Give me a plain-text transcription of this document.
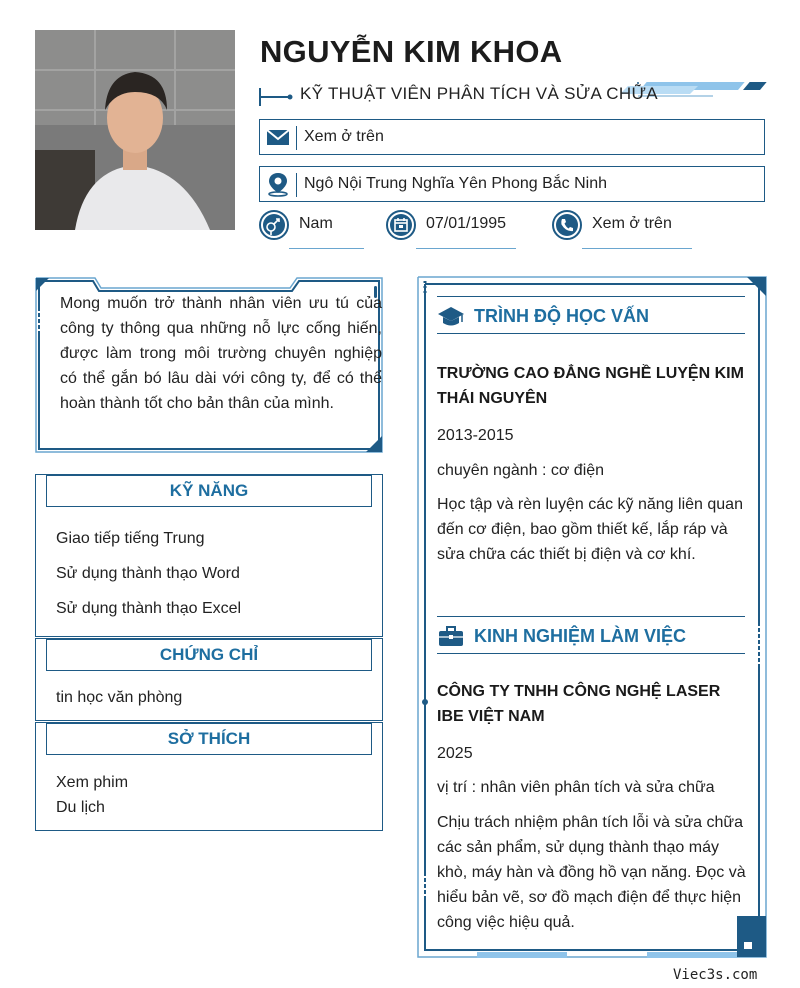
NGUYỄN KIM KHOA
KỸ THUẬT VIÊN PHÂN TÍCH VÀ SỬA CHỮA
Xem ở trên
Ngô Nội Trung Nghĩa Yên Phong Bắc Ninh
Nam	07/01/1995	Xem ở trên
Mong muốn trở thành nhân viên ưu tú của công ty thông qua những nỗ lực cống hiến, được làm trong môi trường chuyên nghiệp có thể gắn bó lâu dài với công ty, để có thể hoàn thành tốt cho bản thân của mình.
KỸ NĂNG
Giao tiếp tiếng Trung
Sử dụng thành thạo Word
Sử dụng thành thạo Excel
CHỨNG CHỈ
tin học văn phòng
SỞ THÍCH
Xem phim
Du lịch
TRÌNH ĐỘ HỌC VẤN
TRƯỜNG CAO ĐẲNG NGHỀ LUYỆN KIM THÁI NGUYÊN
2013-2015
chuyên ngành : cơ điện
Học tập và rèn luyện các kỹ năng liên quan đến cơ điện, bao gồm thiết kế, lắp ráp và sửa chữa các thiết bị điện và cơ khí.
KINH NGHIỆM LÀM VIỆC
CÔNG TY TNHH CÔNG NGHỆ LASER IBE VIỆT NAM
2025
vị trí : nhân viên phân tích và sửa chữa
Chịu trách nhiệm phân tích lỗi và sửa chữa các sản phẩm, sử dụng thành thạo máy khò, máy hàn và đồng hồ vạn năng. Đọc và hiểu bản vẽ, sơ đồ mạch điện để thực hiện công việc hiệu quả.
Viec3s.com
